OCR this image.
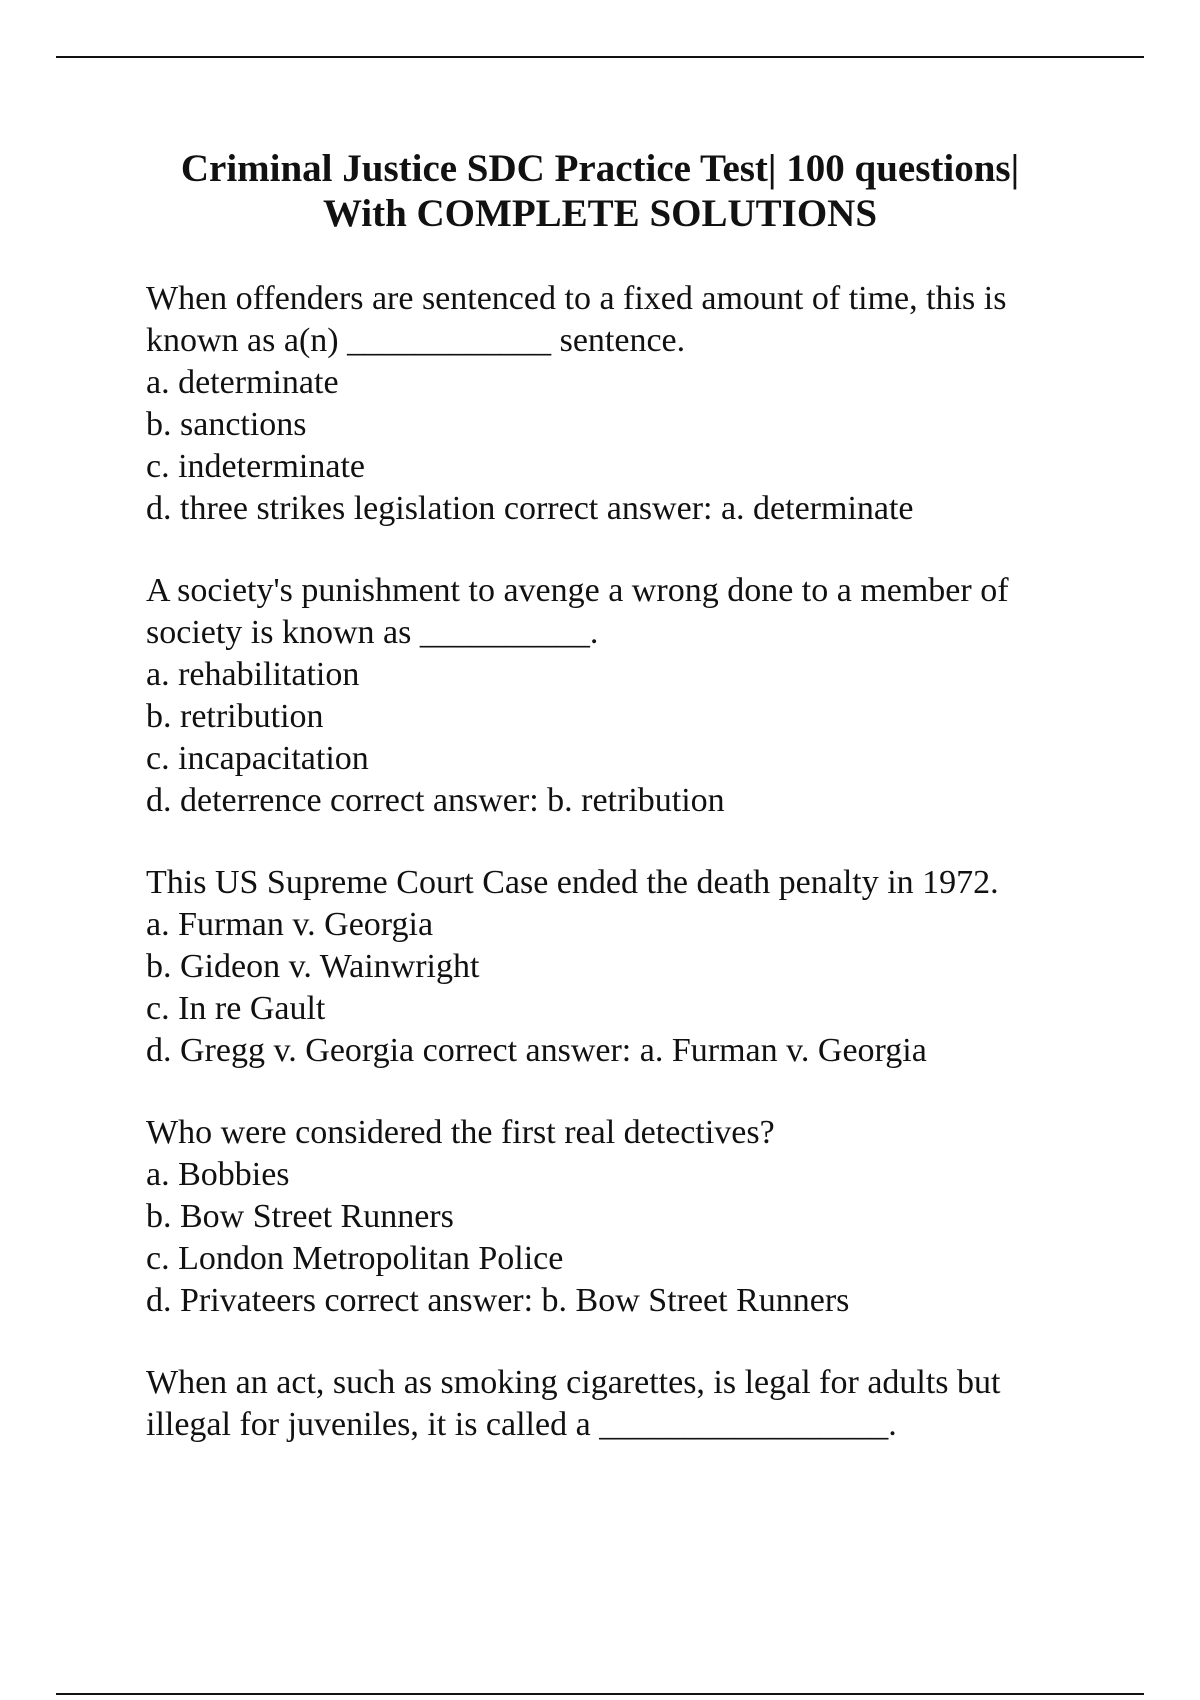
Criminal Justice SDC Practice Test| 100 questions|
With COMPLETE SOLUTIONS
When offenders are sentenced to a fixed amount of time, this is
known as a(n) ____________ sentence.
a. determinate
b. sanctions
c. indeterminate
d. three strikes legislation correct answer: a. determinate
A society's punishment to avenge a wrong done to a member of
society is known as __________.
a. rehabilitation
b. retribution
c. incapacitation
d. deterrence correct answer: b. retribution
This US Supreme Court Case ended the death penalty in 1972.
a. Furman v. Georgia
b. Gideon v. Wainwright
c. In re Gault
d. Gregg v. Georgia correct answer: a. Furman v. Georgia
Who were considered the first real detectives?
a. Bobbies
b. Bow Street Runners
c. London Metropolitan Police
d. Privateers correct answer: b. Bow Street Runners
When an act, such as smoking cigarettes, is legal for adults but
illegal for juveniles, it is called a _________________.
